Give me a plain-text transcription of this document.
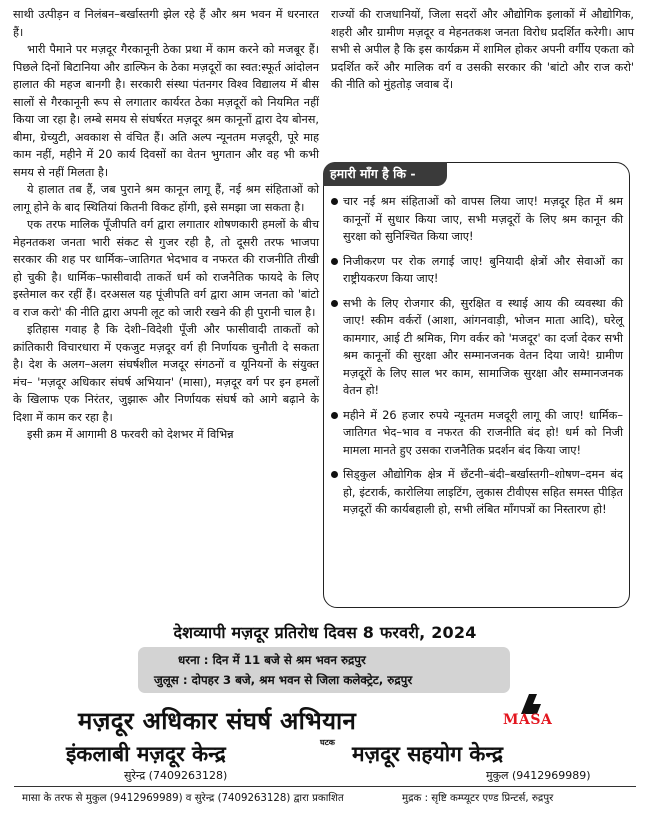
साथी उत्पीड़न व निलंबन–बर्खास्तगी झेल रहे हैं और श्रम भवन में धरनारत हैं।

भारी पैमाने पर मज़दूर गैरकानूनी ठेका प्रथा में काम करने को मजबूर हैं। पिछले दिनों बिटानिया और डाल्फिन के ठेका मज़दूरों का स्वत:स्फूर्त आंदोलन हालात की महज बानगी है। सरकारी संस्था पंतनगर विश्व विद्यालय में बीस सालों से गैरकानूनी रूप से लगातार कार्यरत ठेका मज़दूरों को नियमित नहीं किया जा रहा है। लम्बे समय से संघर्षरत मज़दूर श्रम कानूनों द्वारा देय बोनस, बीमा, ग्रेच्युटी, अवकाश से वंचित हैं। अति अल्प न्यूनतम मज़दूरी, पूरे माह काम नहीं, महीने में 20 कार्य दिवसों का वेतन भुगतान और वह भी कभी समय से नहीं मिलता है।

ये हालात तब हैं, जब पुराने श्रम कानून लागू हैं, नई श्रम संहिताओं को लागू होने के बाद स्थितियां कितनी विकट होंगी, इसे समझा जा सकता है।

एक तरफ मालिक पूँजीपति वर्ग द्वारा लगातार शोषणकारी हमलों के बीच मेहनतकश जनता भारी संकट से गुजर रही है, तो दूसरी तरफ भाजपा सरकार की शह पर धार्मिक–जातिगत भेदभाव व नफरत की राजनीति तीखी हो चुकी है। धार्मिक–फासीवादी ताकतें धर्म को राजनैतिक फायदे के लिए इस्तेमाल कर रहीं हैं। दरअसल यह पूंजीपति वर्ग द्वारा आम जनता को 'बांटो व राज करो' की नीति द्वारा अपनी लूट को जारी रखने की ही पुरानी चाल है।

इतिहास गवाह है कि देशी–विदेशी पूँजी और फासीवादी ताकतों को क्रांतिकारी विचारधारा में एकजुट मज़दूर वर्ग ही निर्णायक चुनौती दे सकता है। देश के अलग–अलग संघर्षशील मजदूर संगठनों व यूनियनों के संयुक्त मंच– 'मज़दूर अधिकार संघर्ष अभियान' (मासा), मज़दूर वर्ग पर इन हमलों के खिलाफ एक निरंतर, जुझारू और निर्णायक संघर्ष को आगे बढ़ाने के दिशा में काम कर रहा है।

इसी क्रम में आगामी 8 फरवरी को देशभर में विभिन्न

राज्यों की राजधानियों, जिला सदरों और औद्योगिक इलाकों में औद्योगिक, शहरी और ग्रामीण मज़दूर व मेहनतकश जनता विरोध प्रदर्शित करेगी। आप सभी से अपील है कि इस कार्यक्रम में शामिल होकर अपनी वर्गीय एकता को प्रदर्शित करें और मालिक वर्ग व उसकी सरकार की 'बांटो और राज करो' की नीति को मुंहतोड़ जवाब दें।

हमारी माँग है कि -
चार नई श्रम संहिताओं को वापस लिया जाए! मज़दूर हित में श्रम कानूनों में सुधार किया जाए, सभी मज़दूरों के लिए श्रम कानून की सुरक्षा को सुनिश्चित किया जाए!
निजीकरण पर रोक लगाई जाए! बुनियादी क्षेत्रों और सेवाओं का राष्ट्रीयकरण किया जाए!
सभी के लिए रोजगार की, सुरक्षित व स्थाई आय की व्यवस्था की जाए! स्कीम वर्करों (आशा, आंगनवाड़ी, भोजन माता आदि), घरेलू कामगार, आई टी श्रमिक, गिग वर्कर को 'मजदूर' का दर्जा देकर सभी श्रम कानूनों की सुरक्षा और सम्मानजनक वेतन दिया जाये! ग्रामीण मज़दूरों के लिए साल भर काम, सामाजिक सुरक्षा और सम्मानजनक वेतन हो!
महीने में 26 हजार रुपये न्यूनतम मजदूरी लागू की जाए! धार्मिक–जातिगत भेद–भाव व नफरत की राजनीति बंद हो! धर्म को निजी मामला मानते हुए उसका राजनैतिक प्रदर्शन बंद किया जाए!
सिड्कुल औद्योगिक क्षेत्र में छँटनी–बंदी–बर्खास्तगी–शोषण–दमन बंद हो, इंटरार्क, कारोलिया लाइटिंग, लुकास टीवीएस सहित समस्त पीड़ित मज़दूरों की कार्यबहाली हो, सभी लंबित माँगपत्रों का निस्तारण हो!
देशव्यापी मज़दूर प्रतिरोध दिवस 8 फरवरी, 2024
धरना : दिन में 11 बजे से श्रम भवन रुद्रपुर
जुलूस : दोपहर 3 बजे, श्रम भवन से जिला कलेक्ट्रेट, रुद्रपुर
मज़दूर अधिकार संघर्ष अभियान	MASA
इंकलाबी मज़दूर केन्द्र	घटक मज़दूर सहयोग केन्द्र
सुरेन्द्र (7409263128)	मुकुल (9412969989)
मासा के तरफ से मुकुल (9412969989) व सुरेन्द्र (7409263128) द्वारा प्रकाशित	मुद्रक : सृष्टि कम्प्यूटर एण्ड प्रिन्टर्स, रुद्रपुर
